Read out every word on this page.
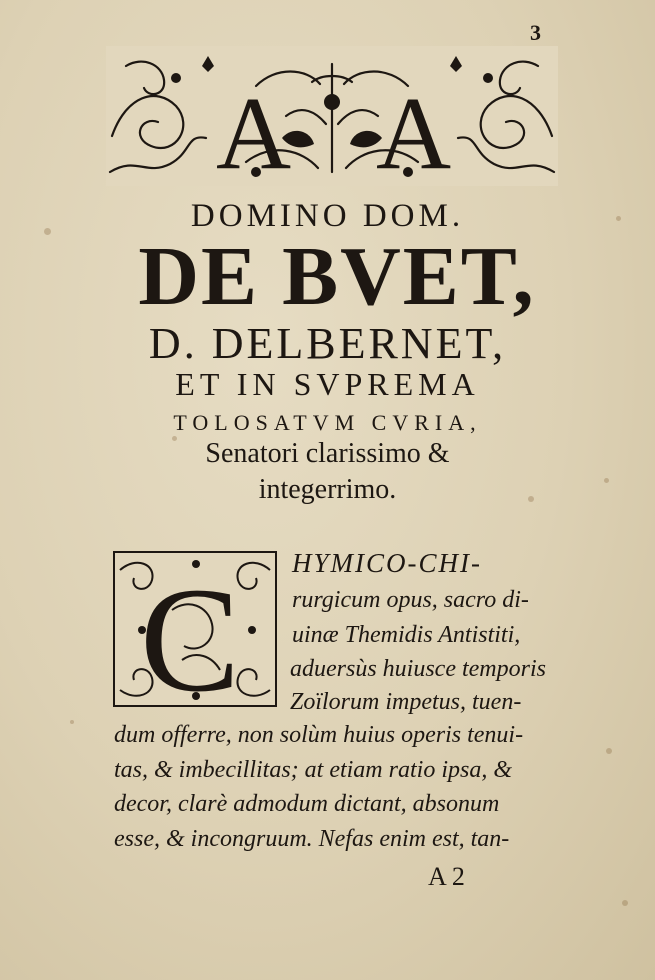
3
A A
DOMINO DOM.
DE BVET,
D. DELBERNET,
ET IN SVPREMA
TOLOSATVM CVRIA,
Senatori clarissimo &
integerrimo.
C HYMICO-CHI-
rurgicum opus, sacro di-
uinæ Themidis Antistiti,
aduersùs huiusce temporis
Zoïlorum impetus, tuen-
dum offerre, non solùm huius operis tenui-
tas, & imbecillitas; at etiam ratio ipsa, &
decor, clarè admodum dictant, absonum
esse, & incongruum. Nefas enim est, tan-
A 2
